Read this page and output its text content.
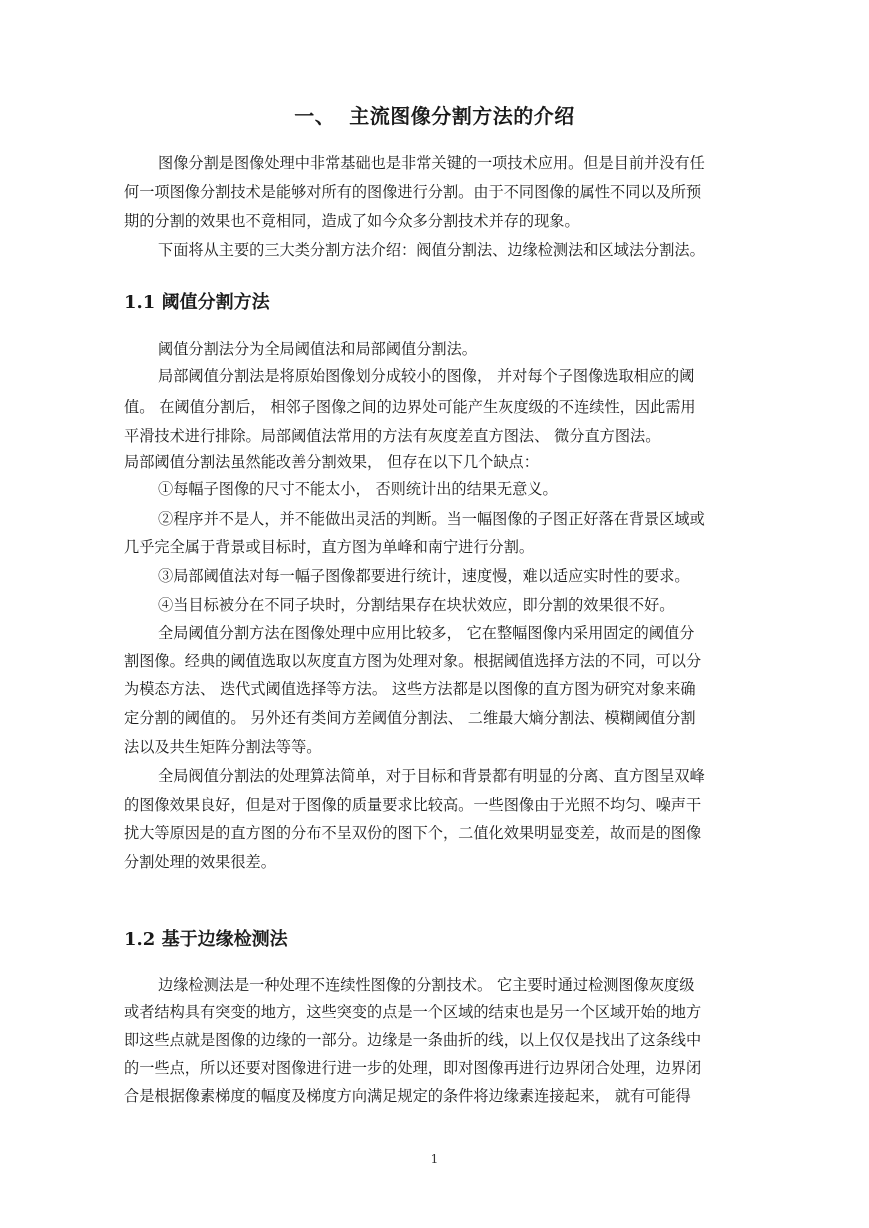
一、 主流图像分割方法的介绍
图像分割是图像处理中非常基础也是非常关键的一项技术应用。但是目前并没有任
何一项图像分割技术是能够对所有的图像进行分割。由于不同图像的属性不同以及所预
期的分割的效果也不竟相同，造成了如今众多分割技术并存的现象。
下面将从主要的三大类分割方法介绍：阀值分割法、边缘检测法和区域法分割法。
1.1 阈值分割方法
阈值分割法分为全局阈值法和局部阈值分割法。
局部阈值分割法是将原始图像划分成较小的图像， 并对每个子图像选取相应的阈
值。 在阈值分割后， 相邻子图像之间的边界处可能产生灰度级的不连续性，因此需用
平滑技术进行排除。局部阈值法常用的方法有灰度差直方图法、 微分直方图法。
局部阈值分割法虽然能改善分割效果， 但存在以下几个缺点：
①每幅子图像的尺寸不能太小， 否则统计出的结果无意义。
②程序并不是人，并不能做出灵活的判断。当一幅图像的子图正好落在背景区域或
几乎完全属于背景或目标时，直方图为单峰和南宁进行分割。
③局部阈值法对每一幅子图像都要进行统计，速度慢，难以适应实时性的要求。
④当目标被分在不同子块时，分割结果存在块状效应，即分割的效果很不好。
全局阈值分割方法在图像处理中应用比较多， 它在整幅图像内采用固定的阈值分
割图像。经典的阈值选取以灰度直方图为处理对象。根据阈值选择方法的不同，可以分
为模态方法、 迭代式阈值选择等方法。 这些方法都是以图像的直方图为研究对象来确
定分割的阈值的。 另外还有类间方差阈值分割法、 二维最大熵分割法、模糊阈值分割
法以及共生矩阵分割法等等。
全局阀值分割法的处理算法简单，对于目标和背景都有明显的分离、直方图呈双峰
的图像效果良好，但是对于图像的质量要求比较高。一些图像由于光照不均匀、噪声干
扰大等原因是的直方图的分布不呈双份的图下个，二值化效果明显变差，故而是的图像
分割处理的效果很差。
1.2 基于边缘检测法
边缘检测法是一种处理不连续性图像的分割技术。 它主要时通过检测图像灰度级
或者结构具有突变的地方，这些突变的点是一个区域的结束也是另一个区域开始的地方
即这些点就是图像的边缘的一部分。边缘是一条曲折的线，以上仅仅是找出了这条线中
的一些点，所以还要对图像进行进一步的处理，即对图像再进行边界闭合处理，边界闭
合是根据像素梯度的幅度及梯度方向满足规定的条件将边缘素连接起来， 就有可能得
1
